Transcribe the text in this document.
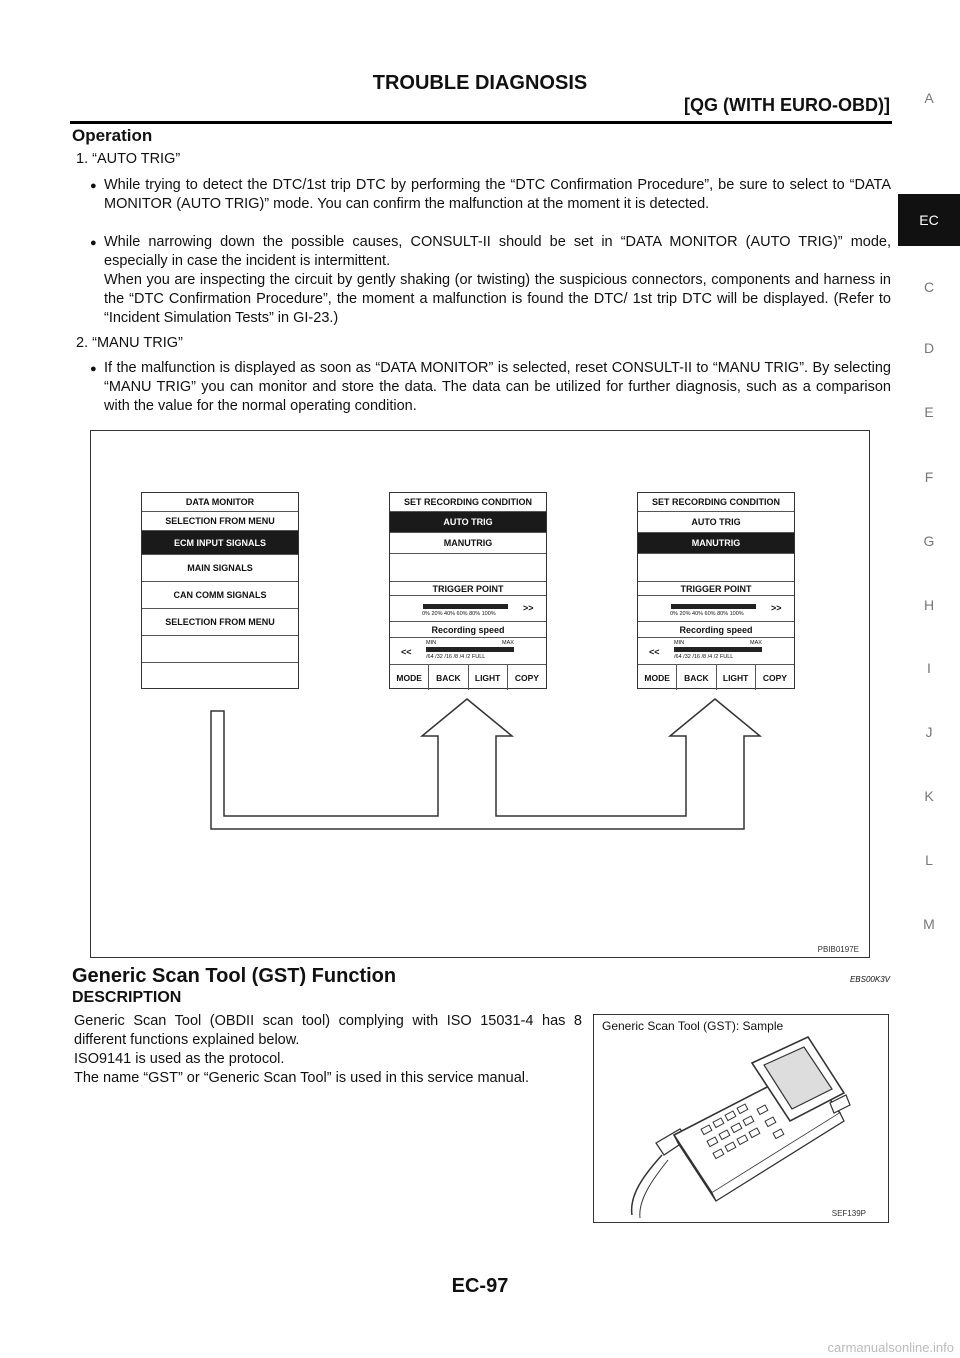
TROUBLE DIAGNOSIS
[QG (WITH EURO-OBD)]	A
EC
C
D
E
F
G
H
I
J
K
L
M
Operation
1. “AUTO TRIG”
● While trying to detect the DTC/1st trip DTC by performing the “DTC Confirmation Procedure”, be sure to select to “DATA MONITOR (AUTO TRIG)” mode. You can confirm the malfunction at the moment it is detected.
● While narrowing down the possible causes, CONSULT-II should be set in “DATA MONITOR (AUTO TRIG)” mode, especially in case the incident is intermittent.
When you are inspecting the circuit by gently shaking (or twisting) the suspicious connectors, components and harness in the “DTC Confirmation Procedure”, the moment a malfunction is found the DTC/ 1st trip DTC will be displayed. (Refer to “Incident Simulation Tests” in GI-23.)
2. “MANU TRIG”
● If the malfunction is displayed as soon as “DATA MONITOR” is selected, reset CONSULT-II to “MANU TRIG”. By selecting “MANU TRIG” you can monitor and store the data. The data can be utilized for further diagnosis, such as a comparison with the value for the normal operating condition.
DATA MONITOR
SELECTION FROM MENU
ECM INPUT SIGNALS
MAIN SIGNALS
CAN COMM SIGNALS
SELECTION FROM MENU
SET RECORDING CONDITION
AUTO TRIG
MANUTRIG
TRIGGER POINT
0% 20% 40% 60% 80% 100%
>>
Recording speed
<<
MIN	MAX
/64 /32 /16 /8 /4 /2 FULL
MODE	BACK	LIGHT	COPY
SET RECORDING CONDITION
AUTO TRIG
MANUTRIG
TRIGGER POINT
0% 20% 40% 60% 80% 100%
>>
Recording speed
<<
MIN	MAX
/64 /32 /16 /8 /4 /2 FULL
MODE	BACK	LIGHT	COPY
PBIB0197E
Generic Scan Tool (GST) Function	EBS00K3V
DESCRIPTION
Generic Scan Tool (OBDII scan tool) complying with ISO 15031-4 has 8 different functions explained below.
ISO9141 is used as the protocol.
The name “GST” or “Generic Scan Tool” is used in this service manual.
Generic Scan Tool (GST): Sample
SEF139P
EC-97
carmanualsonline.info
